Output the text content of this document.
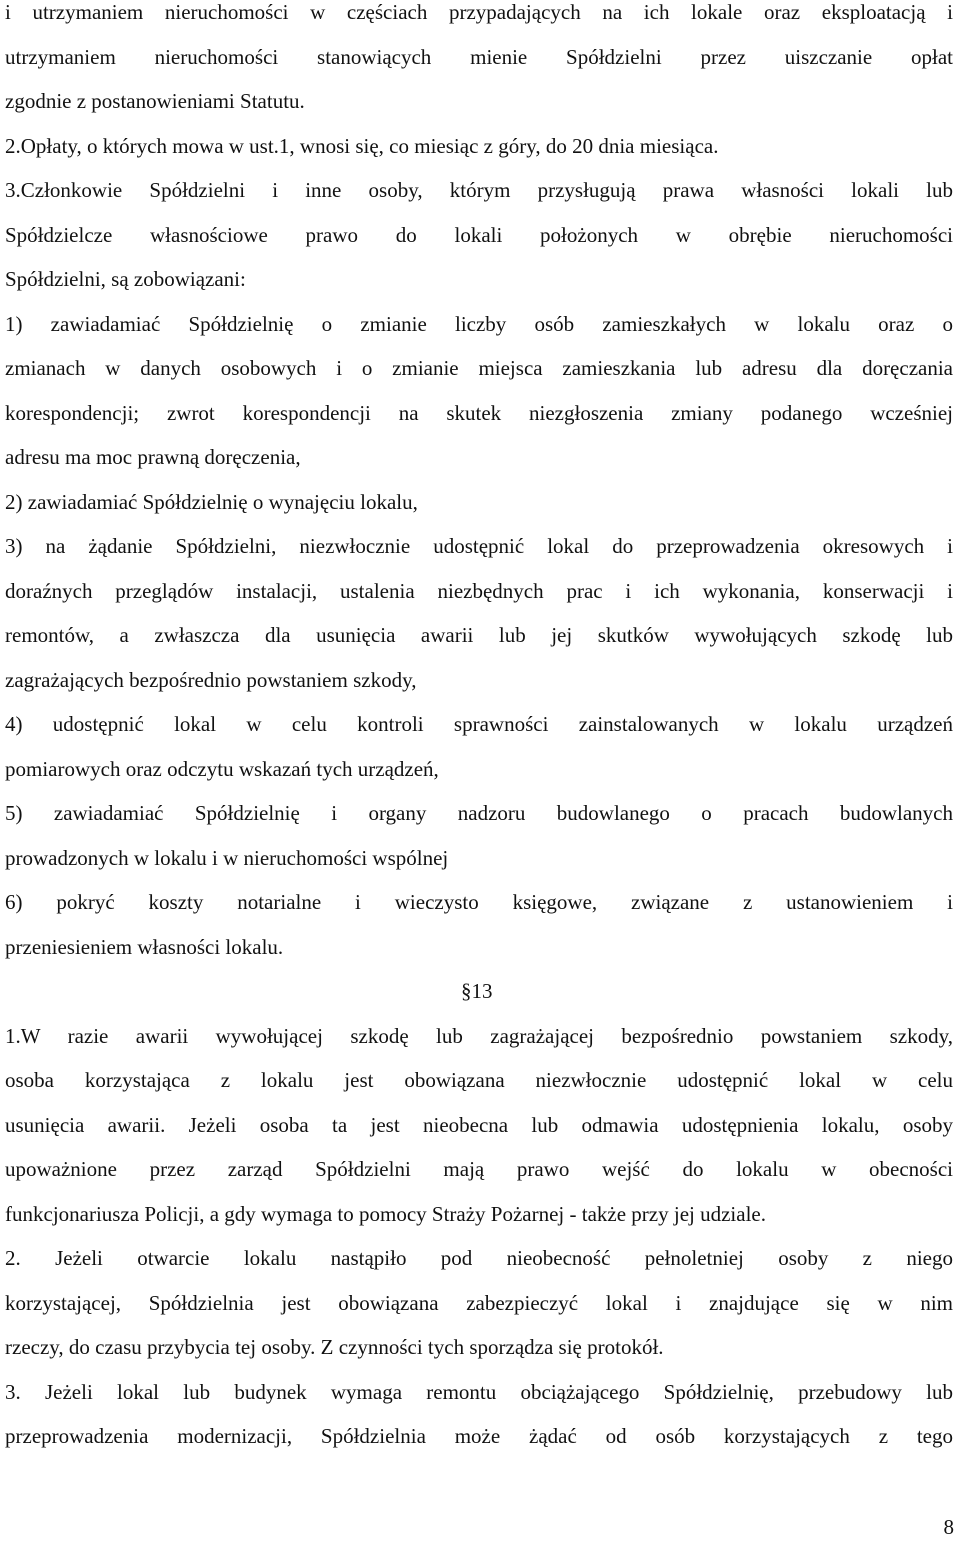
i utrzymaniem nieruchomości w częściach przypadających na ich lokale oraz eksploatacją i
utrzymaniem nieruchomości stanowiących mienie Spółdzielni przez uiszczanie opłat
zgodnie z postanowieniami Statutu.
2.Opłaty, o których mowa w ust.1, wnosi się, co miesiąc z góry, do 20 dnia miesiąca.
3.Członkowie Spółdzielni i inne osoby, którym przysługują prawa własności lokali lub
Spółdzielcze własnościowe prawo do lokali położonych w obrębie nieruchomości
Spółdzielni, są zobowiązani:
1) zawiadamiać Spółdzielnię o zmianie liczby osób zamieszkałych w lokalu oraz o
zmianach w danych osobowych i o zmianie miejsca zamieszkania lub adresu dla doręczania
korespondencji; zwrot korespondencji na skutek niezgłoszenia zmiany podanego wcześniej
adresu ma moc prawną doręczenia,
2) zawiadamiać Spółdzielnię o wynajęciu lokalu,
3) na żądanie Spółdzielni, niezwłocznie udostępnić lokal do przeprowadzenia okresowych i
doraźnych przeglądów instalacji, ustalenia niezbędnych prac i ich wykonania, konserwacji i
remontów, a zwłaszcza dla usunięcia awarii lub jej skutków wywołujących szkodę lub
zagrażających bezpośrednio powstaniem szkody,
4) udostępnić lokal w celu kontroli sprawności zainstalowanych w lokalu urządzeń
pomiarowych oraz odczytu wskazań tych urządzeń,
5) zawiadamiać Spółdzielnię i organy nadzoru budowlanego o pracach budowlanych
prowadzonych w lokalu i w nieruchomości wspólnej
6) pokryć koszty notarialne i wieczysto księgowe, związane z ustanowieniem i
przeniesieniem własności lokalu.
§13
1.W razie awarii wywołującej szkodę lub zagrażającej bezpośrednio powstaniem szkody,
osoba korzystająca z lokalu jest obowiązana niezwłocznie udostępnić lokal w celu
usunięcia awarii. Jeżeli osoba ta jest nieobecna lub odmawia udostępnienia lokalu, osoby
upoważnione przez zarząd Spółdzielni mają prawo wejść do lokalu w obecności
funkcjonariusza Policji, a gdy wymaga to pomocy Straży Pożarnej - także przy jej udziale.
2. Jeżeli otwarcie lokalu nastąpiło pod nieobecność pełnoletniej osoby z niego
korzystającej, Spółdzielnia jest obowiązana zabezpieczyć lokal i znajdujące się w nim
rzeczy, do czasu przybycia tej osoby. Z czynności tych sporządza się protokół.
3. Jeżeli lokal lub budynek wymaga remontu obciążającego Spółdzielnię, przebudowy lub
przeprowadzenia modernizacji, Spółdzielnia może żądać od osób korzystających z tego
8
